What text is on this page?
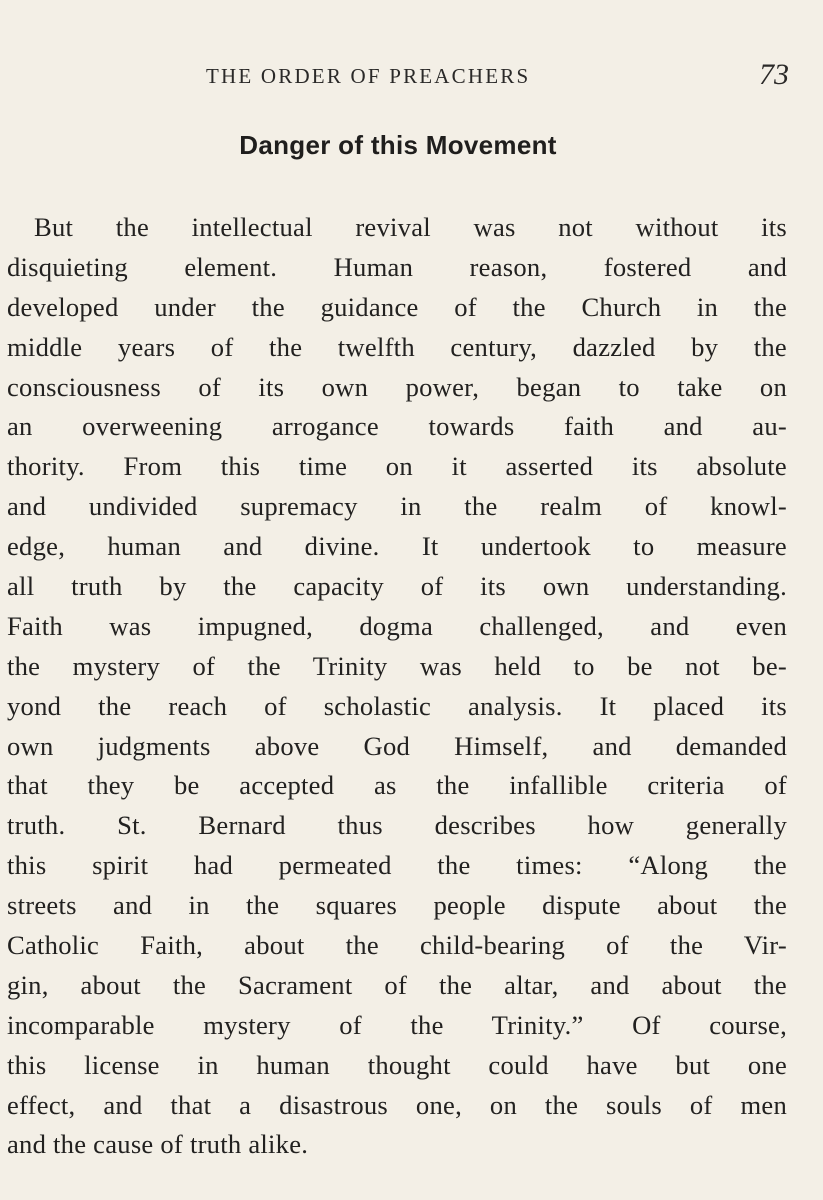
THE ORDER OF PREACHERS	73
Danger of this Movement

But the intellectual revival was not without its
disquieting element. Human reason, fostered and
developed under the guidance of the Church in the
middle years of the twelfth century, dazzled by the
consciousness of its own power, began to take on
an overweening arrogance towards faith and au-
thority. From this time on it asserted its absolute
and undivided supremacy in the realm of knowl-
edge, human and divine. It undertook to measure
all truth by the capacity of its own understanding.
Faith was impugned, dogma challenged, and even
the mystery of the Trinity was held to be not be-
yond the reach of scholastic analysis. It placed its
own judgments above God Himself, and demanded
that they be accepted as the infallible criteria of
truth. St. Bernard thus describes how generally
this spirit had permeated the times: “Along the
streets and in the squares people dispute about the
Catholic Faith, about the child-bearing of the Vir-
gin, about the Sacrament of the altar, and about the
incomparable mystery of the Trinity.” Of course,
this license in human thought could have but one
effect, and that a disastrous one, on the souls of men
and the cause of truth alike.
